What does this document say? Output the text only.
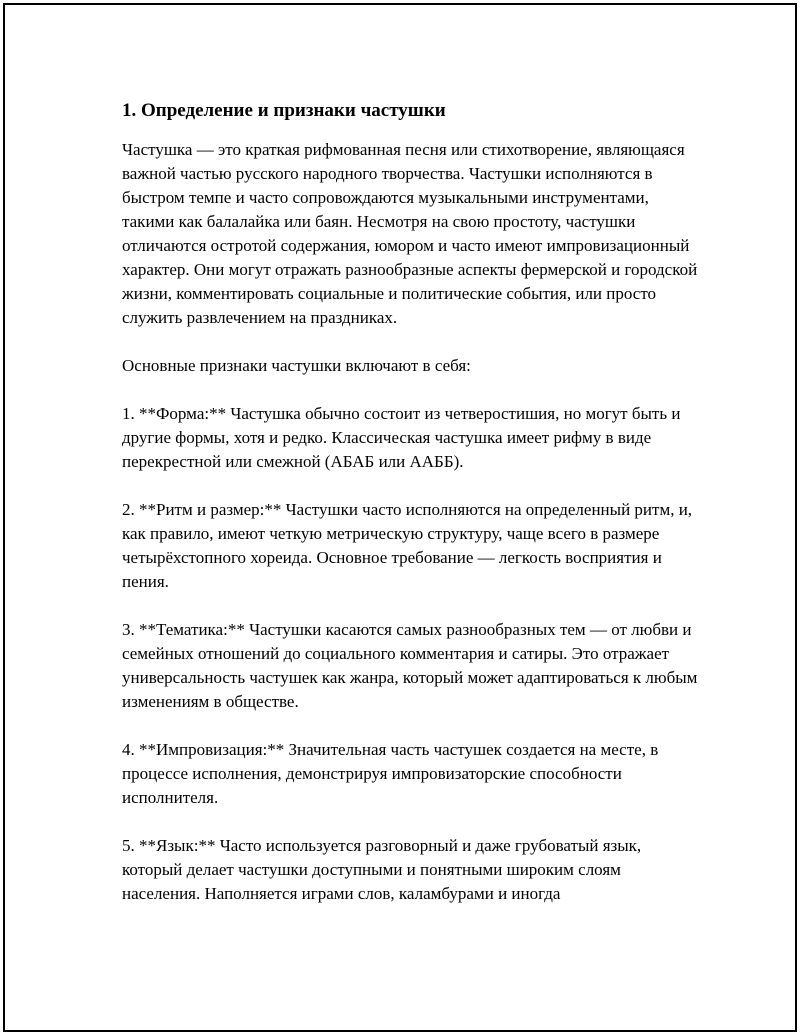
1. Определение и признаки частушки

Частушка — это краткая рифмованная песня или стихотворение, являющаяся важной частью русского народного творчества. Частушки исполняются в быстром темпе и часто сопровождаются музыкальными инструментами, такими как балалайка или баян. Несмотря на свою простоту, частушки отличаются остротой содержания, юмором и часто имеют импровизационный характер. Они могут отражать разнообразные аспекты фермерской и городской жизни, комментировать социальные и политические события, или просто служить развлечением на праздниках.

Основные признаки частушки включают в себя:

1. **Форма:** Частушка обычно состоит из четверостишия, но могут быть и другие формы, хотя и редко. Классическая частушка имеет рифму в виде перекрестной или смежной (АБАБ или ААББ).

2. **Ритм и размер:** Частушки часто исполняются на определенный ритм, и, как правило, имеют четкую метрическую структуру, чаще всего в размере четырёхстопного хореида. Основное требование — легкость восприятия и пения.

3. **Тематика:** Частушки касаются самых разнообразных тем — от любви и семейных отношений до социального комментария и сатиры. Это отражает универсальность частушек как жанра, который может адаптироваться к любым изменениям в обществе.

4. **Импровизация:** Значительная часть частушек создается на месте, в процессе исполнения, демонстрируя импровизаторские способности исполнителя.

5. **Язык:** Часто используется разговорный и даже грубоватый язык, который делает частушки доступными и понятными широким слоям населения. Наполняется играми слов, каламбурами и иногда
